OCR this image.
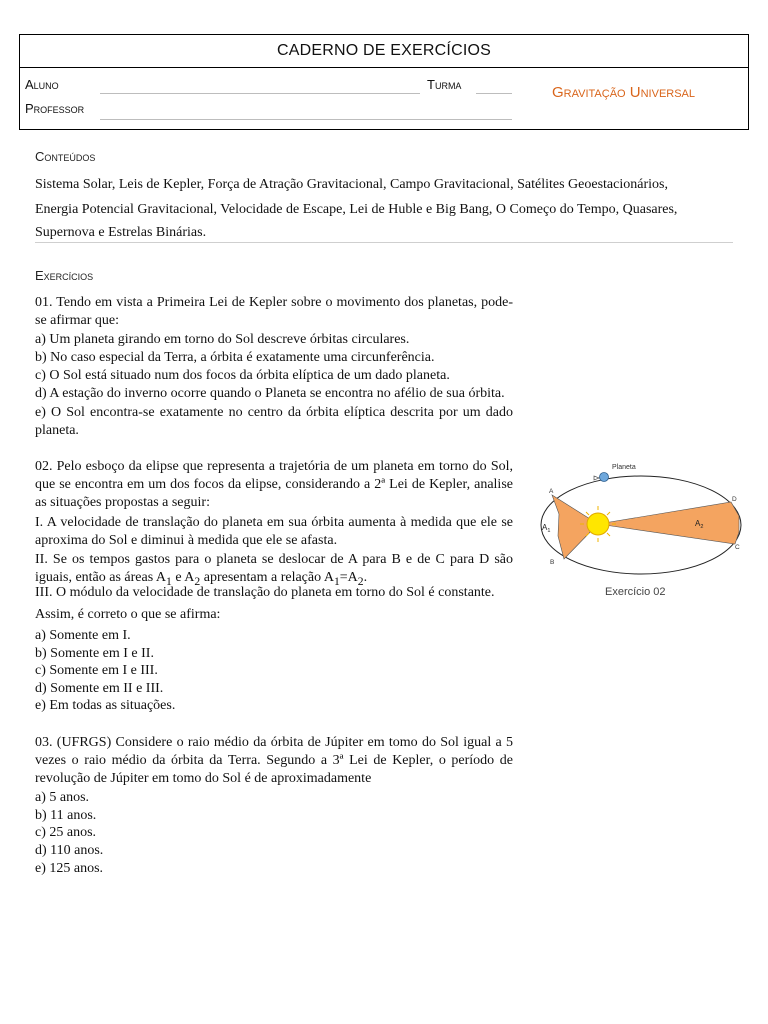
CADERNO DE EXERCÍCIOS
Aluno	Turma
Professor
Gravitação Universal
Conteúdos
Sistema Solar, Leis de Kepler, Força de Atração Gravitacional, Campo Gravitacional, Satélites Geoestacionários,
Energia Potencial Gravitacional, Velocidade de Escape, Lei de Huble e Big Bang, O Começo do Tempo, Quasares,
Supernova e Estrelas Binárias.
Exercícios
01. Tendo em vista a Primeira Lei de Kepler sobre o movimento dos planetas, pode-se afirmar que:
a) Um planeta girando em torno do Sol descreve órbitas circulares.
b) No caso especial da Terra, a órbita é exatamente uma circunferência.
c) O Sol está situado num dos focos da órbita elíptica de um dado planeta.
d) A estação do inverno ocorre quando o Planeta se encontra no afélio de sua órbita.
e) O Sol encontra-se exatamente no centro da órbita elíptica descrita por um dado planeta.
02. Pelo esboço da elipse que representa a trajetória de um planeta em torno do Sol, que se encontra em um dos focos da elipse, considerando a 2ª Lei de Kepler, analise as situações propostas a seguir:
I. A velocidade de translação do planeta em sua órbita aumenta à medida que ele se aproxima do Sol e diminui à medida que ele se afasta.
II. Se os tempos gastos para o planeta se deslocar de A para B e de C para D são iguais, então as áreas $A_1$ e $A_2$ apresentam a relação $A_1=A_2$.
III. O módulo da velocidade de translação do planeta em torno do Sol é constante.
Assim, é correto o que se afirma:
a) Somente em I.
b) Somente em I e II.
c) Somente em I e III.
d) Somente em II e III.
e) Em todas as situações.
Planeta
A
B
C
D
$A_1$
$A_2$
Exercício 02
03. (UFRGS) Considere o raio médio da órbita de Júpiter em tomo do Sol igual a 5 vezes o raio médio da órbita da Terra. Segundo a 3ª Lei de Kepler, o período de revolução de Júpiter em tomo do Sol é de aproximadamente
a) 5 anos.
b) 11 anos.
c) 25 anos.
d) 110 anos.
e) 125 anos.
